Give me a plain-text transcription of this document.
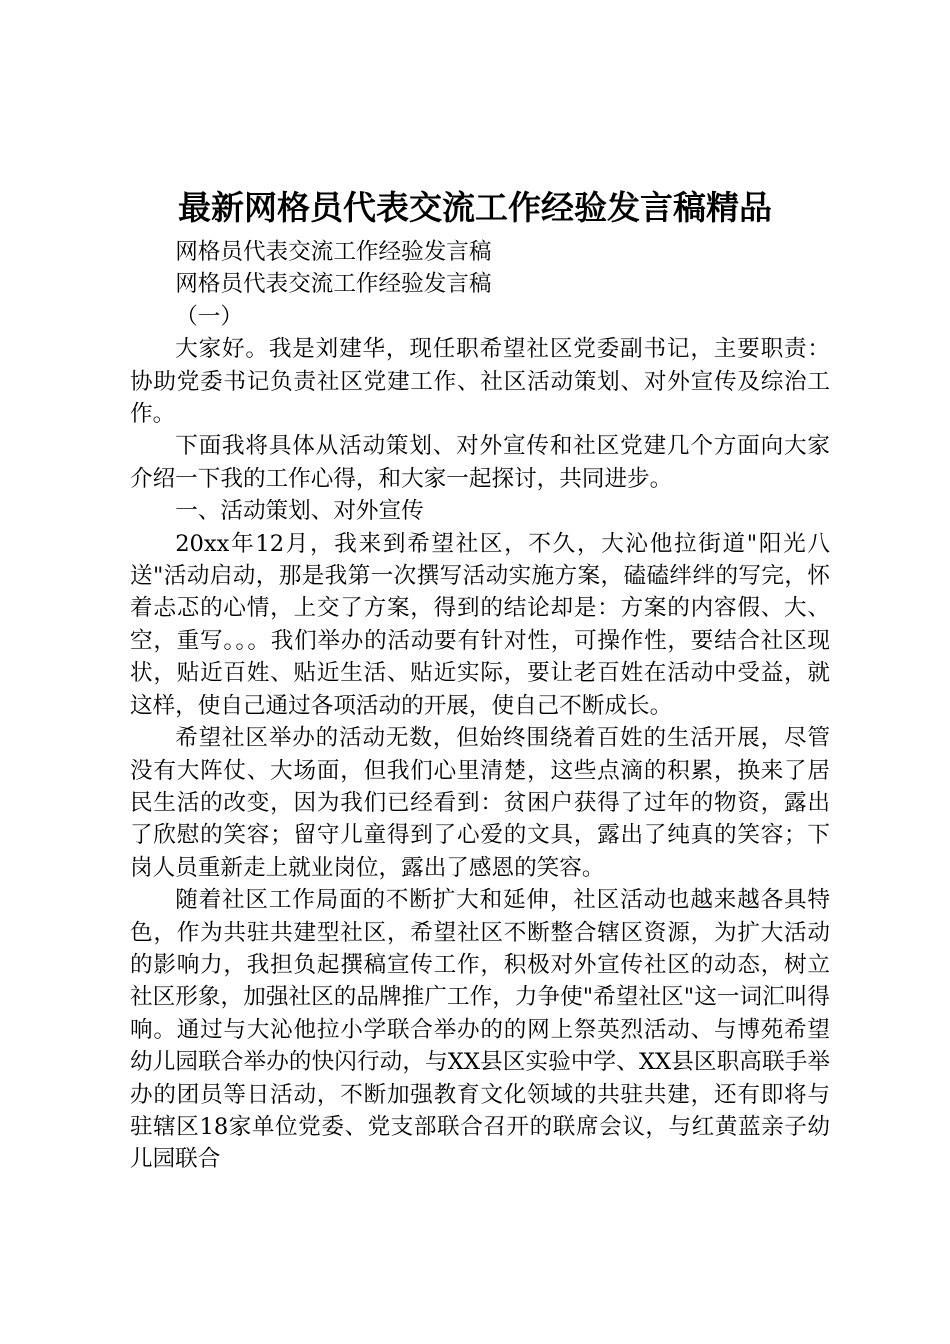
最新网格员代表交流工作经验发言稿精品

网格员代表交流工作经验发言稿

网格员代表交流工作经验发言稿

（一）

大家好。我是刘建华，现任职希望社区党委副书记，主要职责：协助党委书记负责社区党建工作、社区活动策划、对外宣传及综治工作。

下面我将具体从活动策划、对外宣传和社区党建几个方面向大家介绍一下我的工作心得，和大家一起探讨，共同进步。

一、活动策划、对外宣传

20xx年12月，我来到希望社区，不久，大沁他拉街道"阳光八送"活动启动，那是我第一次撰写活动实施方案，磕磕绊绊的写完，怀着忐忑的心情，上交了方案，得到的结论却是：方案的内容假、大、空，重写。。。我们举办的活动要有针对性，可操作性，要结合社区现状，贴近百姓、贴近生活、贴近实际，要让老百姓在活动中受益，就这样，使自己通过各项活动的开展，使自己不断成长。

希望社区举办的活动无数，但始终围绕着百姓的生活开展，尽管没有大阵仗、大场面，但我们心里清楚，这些点滴的积累，换来了居民生活的改变，因为我们已经看到：贫困户获得了过年的物资，露出了欣慰的笑容；留守儿童得到了心爱的文具，露出了纯真的笑容；下岗人员重新走上就业岗位，露出了感恩的笑容。

随着社区工作局面的不断扩大和延伸，社区活动也越来越各具特色，作为共驻共建型社区，希望社区不断整合辖区资源，为扩大活动的影响力，我担负起撰稿宣传工作，积极对外宣传社区的动态，树立社区形象，加强社区的品牌推广工作，力争使"希望社区"这一词汇叫得响。通过与大沁他拉小学联合举办的的网上祭英烈活动、与博苑希望幼儿园联合举办的快闪行动，与XX县区实验中学、XX县区职高联手举办的团员等日活动，不断加强教育文化领域的共驻共建，还有即将与驻辖区18家单位党委、党支部联合召开的联席会议，与红黄蓝亲子幼儿园联合
